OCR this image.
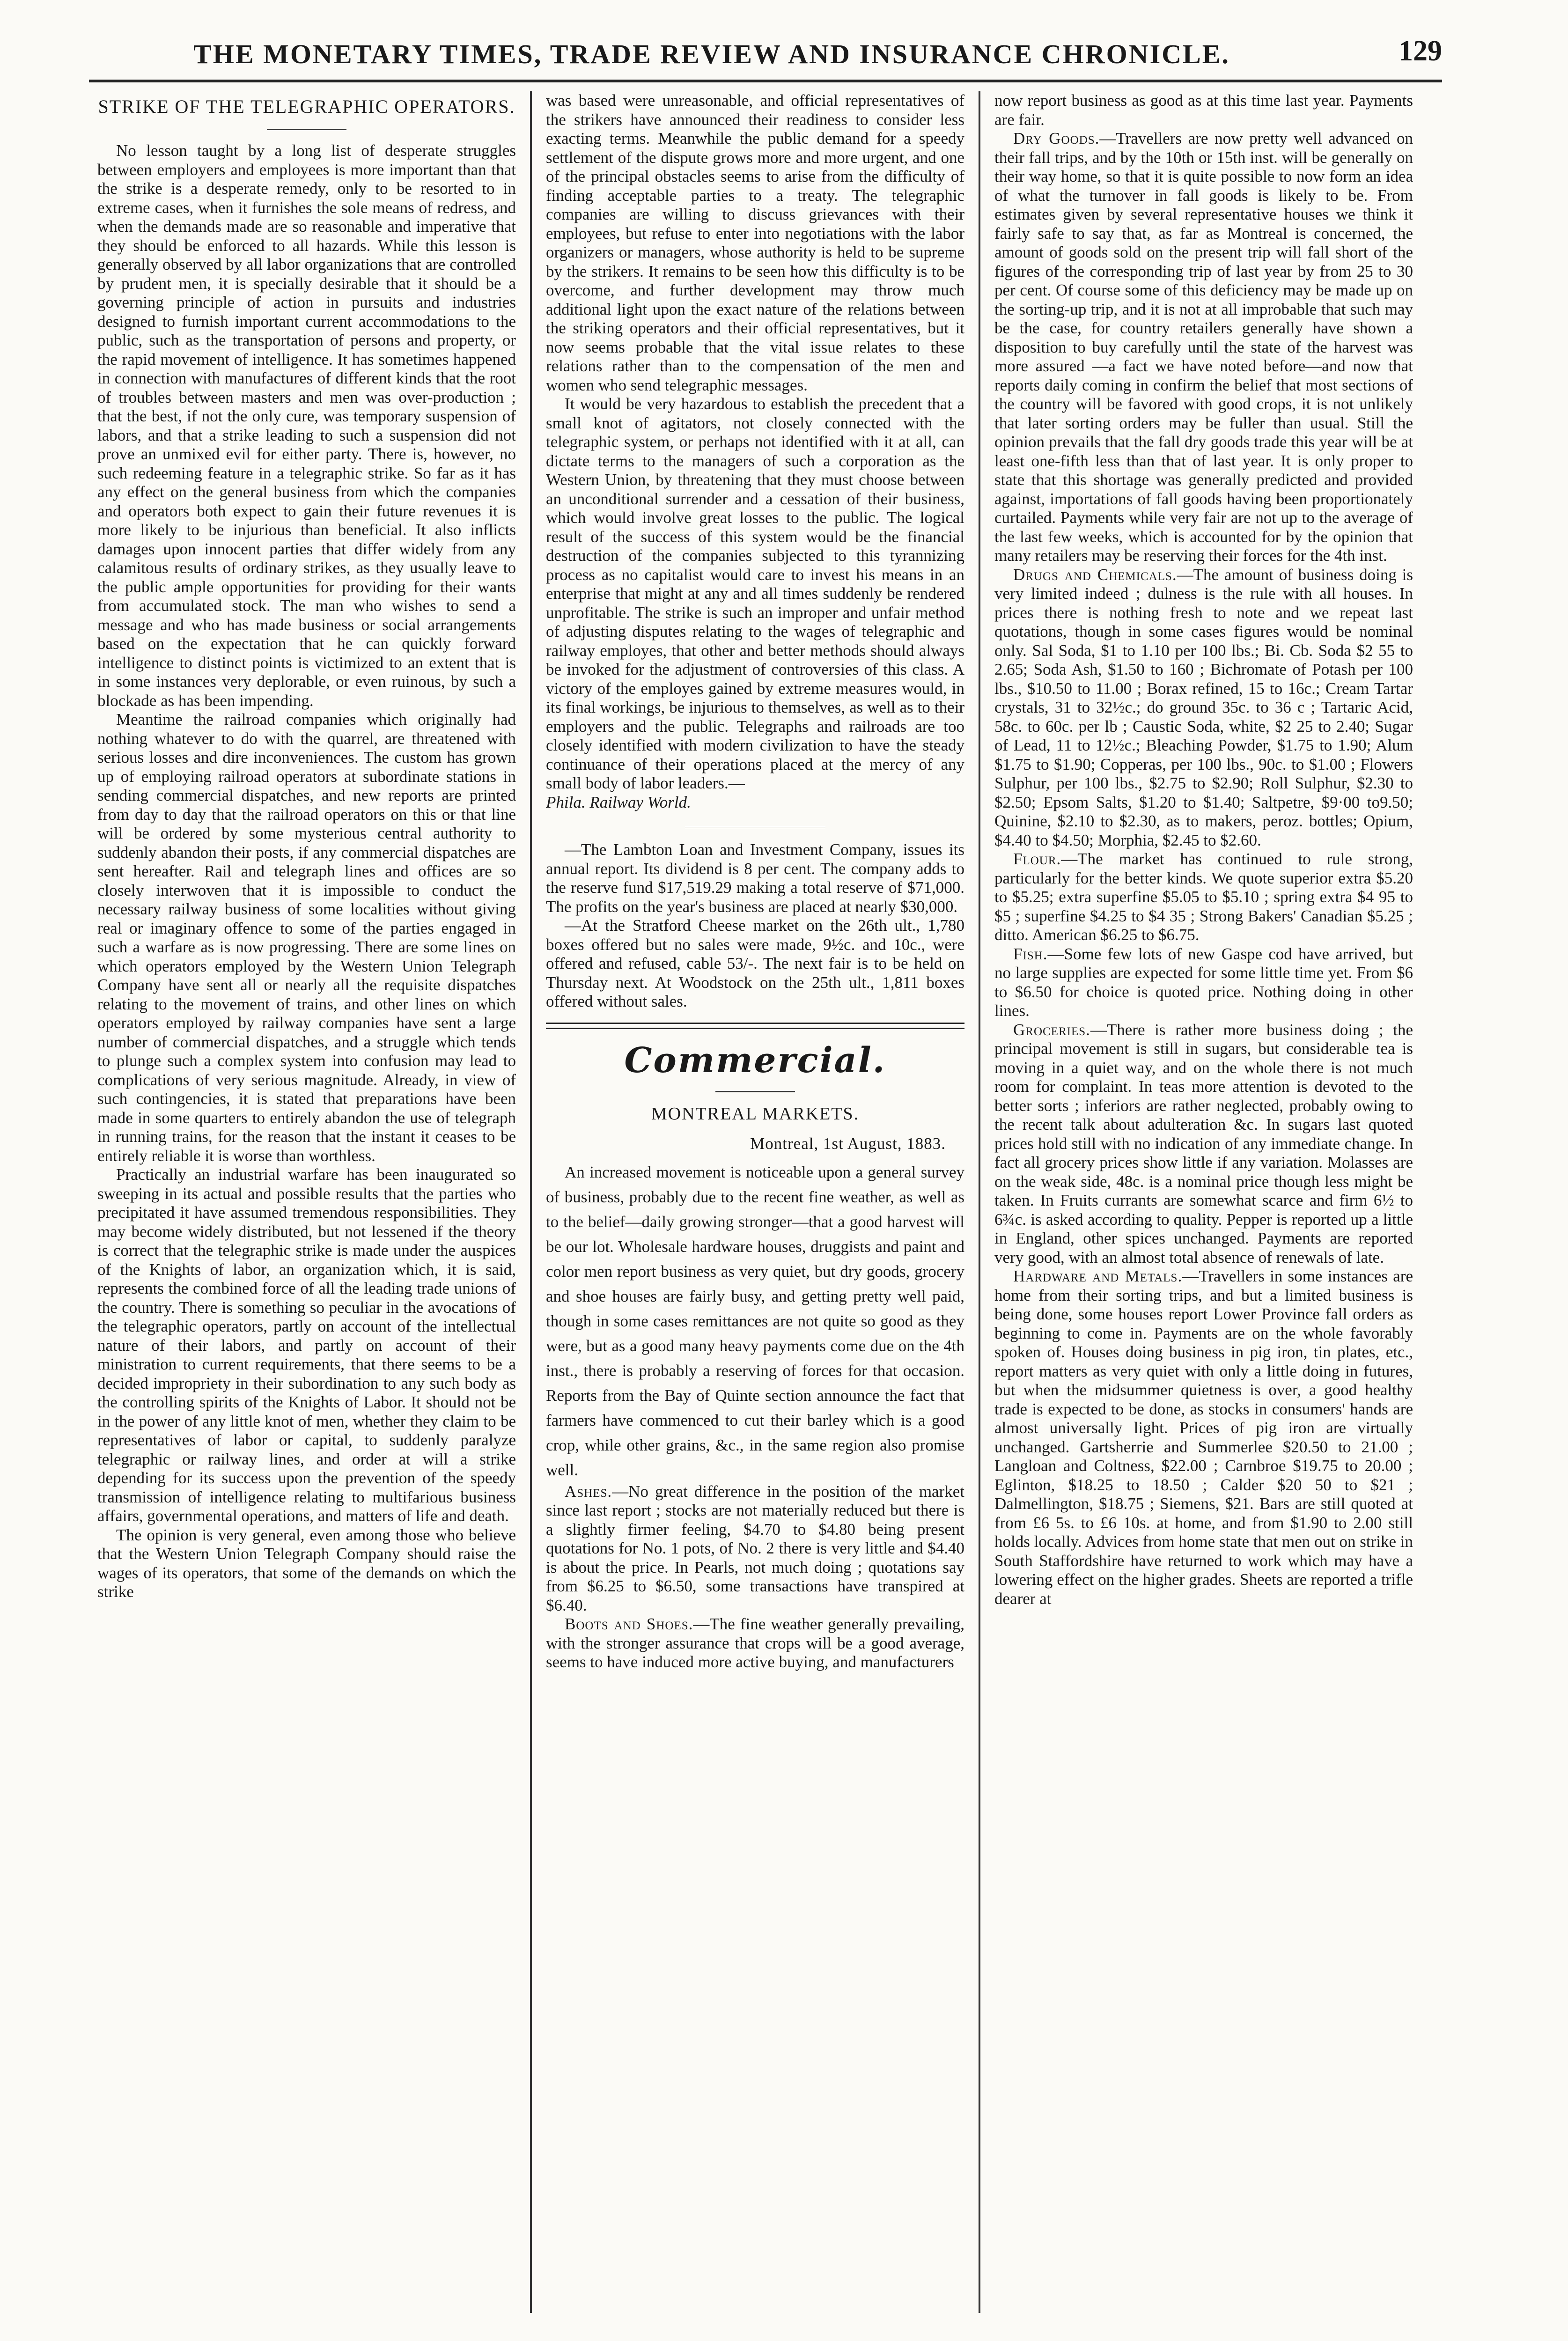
THE MONETARY TIMES, TRADE REVIEW AND INSURANCE CHRONICLE.	129
STRIKE OF THE TELEGRAPHIC OPERATORS.

No lesson taught by a long list of desperate struggles between employers and employees is more important than that the strike is a desperate remedy, only to be resorted to in extreme cases, when it furnishes the sole means of redress, and when the demands made are so reasonable and imperative that they should be enforced to all hazards. While this lesson is generally observed by all labor organizations that are controlled by prudent men, it is specially desirable that it should be a governing principle of action in pursuits and industries designed to furnish important current accommodations to the public, such as the transportation of persons and property, or the rapid movement of intelligence. It has sometimes happened in connection with manufactures of different kinds that the root of troubles between masters and men was over-production ; that the best, if not the only cure, was temporary suspension of labors, and that a strike leading to such a suspension did not prove an unmixed evil for either party. There is, however, no such redeeming feature in a telegraphic strike. So far as it has any effect on the general business from which the companies and operators both expect to gain their future revenues it is more likely to be injurious than beneficial. It also inflicts damages upon innocent parties that differ widely from any calamitous results of ordinary strikes, as they usually leave to the public ample opportunities for providing for their wants from accumulated stock. The man who wishes to send a message and who has made business or social arrangements based on the expectation that he can quickly forward intelligence to distinct points is victimized to an extent that is in some instances very deplorable, or even ruinous, by such a blockade as has been impending.

Meantime the railroad companies which originally had nothing whatever to do with the quarrel, are threatened with serious losses and dire inconveniences. The custom has grown up of employing railroad operators at subordinate stations in sending commercial dispatches, and new reports are printed from day to day that the railroad operators on this or that line will be ordered by some mysterious central authority to suddenly abandon their posts, if any commercial dispatches are sent hereafter. Rail and telegraph lines and offices are so closely interwoven that it is impossible to conduct the necessary railway business of some localities without giving real or imaginary offence to some of the parties engaged in such a warfare as is now progressing. There are some lines on which operators employed by the Western Union Telegraph Company have sent all or nearly all the requisite dispatches relating to the movement of trains, and other lines on which operators employed by railway companies have sent a large number of commercial dispatches, and a struggle which tends to plunge such a complex system into confusion may lead to complications of very serious magnitude. Already, in view of such contingencies, it is stated that preparations have been made in some quarters to entirely abandon the use of telegraph in running trains, for the reason that the instant it ceases to be entirely reliable it is worse than worthless.

Practically an industrial warfare has been inaugurated so sweeping in its actual and possible results that the parties who precipitated it have assumed tremendous responsibilities. They may become widely distributed, but not lessened if the theory is correct that the telegraphic strike is made under the auspices of the Knights of labor, an organization which, it is said, represents the combined force of all the leading trade unions of the country. There is something so peculiar in the avocations of the telegraphic operators, partly on account of the intellectual nature of their labors, and partly on account of their ministration to current requirements, that there seems to be a decided impropriety in their subordination to any such body as the controlling spirits of the Knights of Labor. It should not be in the power of any little knot of men, whether they claim to be representatives of labor or capital, to suddenly paralyze telegraphic or railway lines, and order at will a strike depending for its success upon the prevention of the speedy transmission of intelligence relating to multifarious business affairs, governmental operations, and matters of life and death.

The opinion is very general, even among those who believe that the Western Union Telegraph Company should raise the wages of its operators, that some of the demands on which the strike

was based were unreasonable, and official representatives of the strikers have announced their readiness to consider less exacting terms. Meanwhile the public demand for a speedy settlement of the dispute grows more and more urgent, and one of the principal obstacles seems to arise from the difficulty of finding acceptable parties to a treaty. The telegraphic companies are willing to discuss grievances with their employees, but refuse to enter into negotiations with the labor organizers or managers, whose authority is held to be supreme by the strikers. It remains to be seen how this difficulty is to be overcome, and further development may throw much additional light upon the exact nature of the relations between the striking operators and their official representatives, but it now seems probable that the vital issue relates to these relations rather than to the compensation of the men and women who send telegraphic messages.

It would be very hazardous to establish the precedent that a small knot of agitators, not closely connected with the telegraphic system, or perhaps not identified with it at all, can dictate terms to the managers of such a corporation as the Western Union, by threatening that they must choose between an unconditional surrender and a cessation of their business, which would involve great losses to the public. The logical result of the success of this system would be the financial destruction of the companies subjected to this tyrannizing process as no capitalist would care to invest his means in an enterprise that might at any and all times suddenly be rendered unprofitable. The strike is such an improper and unfair method of adjusting disputes relating to the wages of telegraphic and railway employes, that other and better methods should always be invoked for the adjustment of controversies of this class. A victory of the employes gained by extreme measures would, in its final workings, be injurious to themselves, as well as to their employers and the public. Telegraphs and railroads are too closely identified with modern civilization to have the steady continuance of their operations placed at the mercy of any small body of labor leaders.—

Phila. Railway World.

—The Lambton Loan and Investment Company, issues its annual report. Its dividend is 8 per cent. The company adds to the reserve fund $17,519.29 making a total reserve of $71,000. The profits on the year's business are placed at nearly $30,000.

—At the Stratford Cheese market on the 26th ult., 1,780 boxes offered but no sales were made, 9½c. and 10c., were offered and refused, cable 53/-. The next fair is to be held on Thursday next. At Woodstock on the 25th ult., 1,811 boxes offered without sales.

Commercial.
MONTREAL MARKETS.
Montreal, 1st August, 1883.

An increased movement is noticeable upon a general survey of business, probably due to the recent fine weather, as well as to the belief—daily growing stronger—that a good harvest will be our lot. Wholesale hardware houses, druggists and paint and color men report business as very quiet, but dry goods, grocery and shoe houses are fairly busy, and getting pretty well paid, though in some cases remittances are not quite so good as they were, but as a good many heavy payments come due on the 4th inst., there is probably a reserving of forces for that occasion. Reports from the Bay of Quinte section announce the fact that farmers have commenced to cut their barley which is a good crop, while other grains, &c., in the same region also promise well.

Ashes.—No great difference in the position of the market since last report ; stocks are not materially reduced but there is a slightly firmer feeling, $4.70 to $4.80 being present quotations for No. 1 pots, of No. 2 there is very little and $4.40 is about the price. In Pearls, not much doing ; quotations say from $6.25 to $6.50, some transactions have transpired at $6.40.

Boots and Shoes.—The fine weather generally prevailing, with the stronger assurance that crops will be a good average, seems to have induced more active buying, and manufacturers

now report business as good as at this time last year. Payments are fair.

Dry Goods.—Travellers are now pretty well advanced on their fall trips, and by the 10th or 15th inst. will be generally on their way home, so that it is quite possible to now form an idea of what the turnover in fall goods is likely to be. From estimates given by several representative houses we think it fairly safe to say that, as far as Montreal is concerned, the amount of goods sold on the present trip will fall short of the figures of the corresponding trip of last year by from 25 to 30 per cent. Of course some of this deficiency may be made up on the sorting-up trip, and it is not at all improbable that such may be the case, for country retailers generally have shown a disposition to buy carefully until the state of the harvest was more assured —a fact we have noted before—and now that reports daily coming in confirm the belief that most sections of the country will be favored with good crops, it is not unlikely that later sorting orders may be fuller than usual. Still the opinion prevails that the fall dry goods trade this year will be at least one-fifth less than that of last year. It is only proper to state that this shortage was generally predicted and provided against, importations of fall goods having been proportionately curtailed. Payments while very fair are not up to the average of the last few weeks, which is accounted for by the opinion that many retailers may be reserving their forces for the 4th inst.

Drugs and Chemicals.—The amount of business doing is very limited indeed ; dulness is the rule with all houses. In prices there is nothing fresh to note and we repeat last quotations, though in some cases figures would be nominal only. Sal Soda, $1 to 1.10 per 100 lbs.; Bi. Cb. Soda $2 55 to 2.65; Soda Ash, $1.50 to 160 ; Bichromate of Potash per 100 lbs., $10.50 to 11.00 ; Borax refined, 15 to 16c.; Cream Tartar crystals, 31 to 32½c.; do ground 35c. to 36 c ; Tartaric Acid, 58c. to 60c. per lb ; Caustic Soda, white, $2 25 to 2.40; Sugar of Lead, 11 to 12½c.; Bleaching Powder, $1.75 to 1.90; Alum $1.75 to $1.90; Copperas, per 100 lbs., 90c. to $1.00 ; Flowers Sulphur, per 100 lbs., $2.75 to $2.90; Roll Sulphur, $2.30 to $2.50; Epsom Salts, $1.20 to $1.40; Saltpetre, $9·00 to9.50; Quinine, $2.10 to $2.30, as to makers, peroz. bottles; Opium, $4.40 to $4.50; Morphia, $2.45 to $2.60.

Flour.—The market has continued to rule strong, particularly for the better kinds. We quote superior extra $5.20 to $5.25; extra superfine $5.05 to $5.10 ; spring extra $4 95 to $5 ; superfine $4.25 to $4 35 ; Strong Bakers' Canadian $5.25 ; ditto. American $6.25 to $6.75.

Fish.—Some few lots of new Gaspe cod have arrived, but no large supplies are expected for some little time yet. From $6 to $6.50 for choice is quoted price. Nothing doing in other lines.

Groceries.—There is rather more business doing ; the principal movement is still in sugars, but considerable tea is moving in a quiet way, and on the whole there is not much room for complaint. In teas more attention is devoted to the better sorts ; inferiors are rather neglected, probably owing to the recent talk about adulteration &c. In sugars last quoted prices hold still with no indication of any immediate change. In fact all grocery prices show little if any variation. Molasses are on the weak side, 48c. is a nominal price though less might be taken. In Fruits currants are somewhat scarce and firm 6½ to 6¾c. is asked according to quality. Pepper is reported up a little in England, other spices unchanged. Payments are reported very good, with an almost total absence of renewals of late.

Hardware and Metals.—Travellers in some instances are home from their sorting trips, and but a limited business is being done, some houses report Lower Province fall orders as beginning to come in. Payments are on the whole favorably spoken of. Houses doing business in pig iron, tin plates, etc., report matters as very quiet with only a little doing in futures, but when the midsummer quietness is over, a good healthy trade is expected to be done, as stocks in consumers' hands are almost universally light. Prices of pig iron are virtually unchanged. Gartsherrie and Summerlee $20.50 to 21.00 ; Langloan and Coltness, $22.00 ; Carnbroe $19.75 to 20.00 ; Eglinton, $18.25 to 18.50 ; Calder $20 50 to $21 ; Dalmellington, $18.75 ; Siemens, $21. Bars are still quoted at from £6 5s. to £6 10s. at home, and from $1.90 to 2.00 still holds locally. Advices from home state that men out on strike in South Staffordshire have returned to work which may have a lowering effect on the higher grades. Sheets are reported a trifle dearer at
